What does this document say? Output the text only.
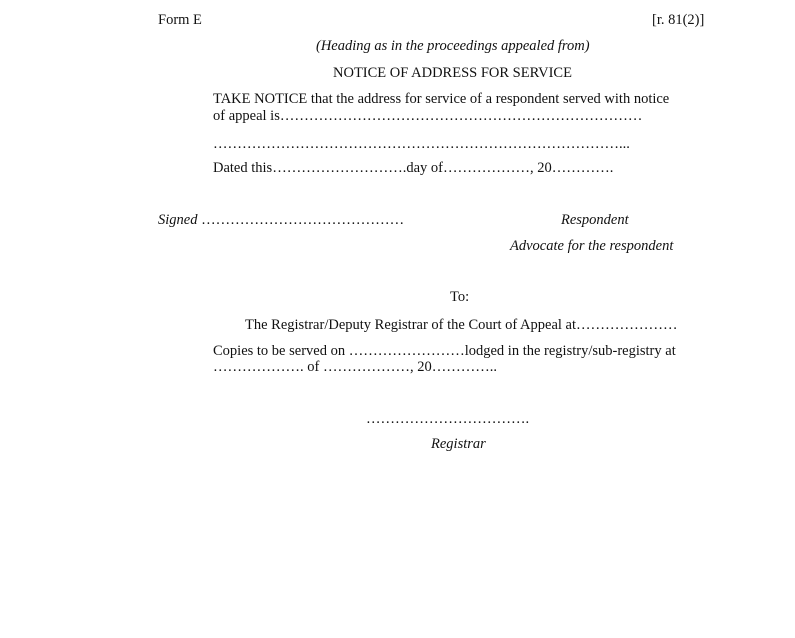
Form E	[r. 81(2)]
(Heading as in the proceedings appealed from)
NOTICE OF ADDRESS FOR SERVICE
TAKE NOTICE that the address for service of a respondent served with notice
of appeal is…………………………………………………………………
…………………………………………………………………………...
Dated this……………………….day of………………, 20………….
Signed ……………………………………	Respondent
Advocate for the respondent
To:
The Registrar/Deputy Registrar of the Court of Appeal at…………………
Copies to be served on ……………………lodged in the registry/sub-registry at
………………. of ………………, 20…………..
…………………………….
Registrar
